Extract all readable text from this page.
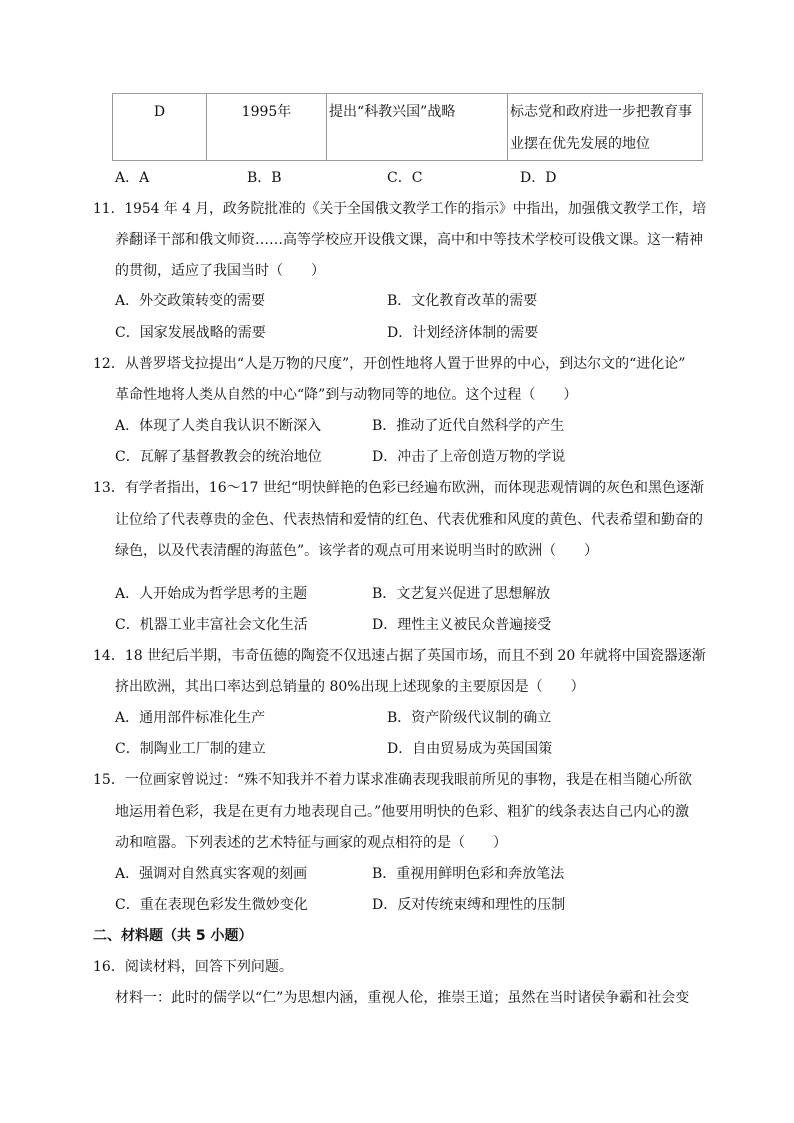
D	1995年	提出“科教兴国”战略	标志党和政府进一步把教育事业摆在优先发展的地位
A．A	B．B	C．C	D．D
11．1954 年 4 月，政务院批准的《关于全国俄文教学工作的指示》中指出，加强俄文教学工作，培
养翻译干部和俄文师资……高等学校应开设俄文课，高中和中等技术学校可设俄文课。这一精神
的贯彻，适应了我国当时（　　）
A．外交政策转变的需要	B．文化教育改革的需要
C．国家发展战略的需要	D．计划经济体制的需要
12．从普罗塔戈拉提出“人是万物的尺度”，开创性地将人置于世界的中心，到达尔文的“进化论”
革命性地将人类从自然的中心“降”到与动物同等的地位。这个过程（　　）
A．体现了人类自我认识不断深入	B．推动了近代自然科学的产生
C．瓦解了基督教教会的统治地位	D．冲击了上帝创造万物的学说
13．有学者指出，16～17 世纪“明快鲜艳的色彩已经遍布欧洲，而体现悲观情调的灰色和黑色逐渐
让位给了代表尊贵的金色、代表热情和爱情的红色、代表优雅和风度的黄色、代表希望和勤奋的
绿色，以及代表清醒的海蓝色”。该学者的观点可用来说明当时的欧洲（　　）
A．人开始成为哲学思考的主题	B．文艺复兴促进了思想解放
C．机器工业丰富社会文化生活	D．理性主义被民众普遍接受
14．18 世纪后半期，韦奇伍德的陶瓷不仅迅速占据了英国市场，而且不到 20 年就将中国瓷器逐渐
挤出欧洲，其出口率达到总销量的 80%出现上述现象的主要原因是（　　）
A．通用部件标准化生产	B．资产阶级代议制的确立
C．制陶业工厂制的建立	D．自由贸易成为英国国策
15．一位画家曾说过：“殊不知我并不着力谋求准确表现我眼前所见的事物，我是在相当随心所欲
地运用着色彩，我是在更有力地表现自己。”他要用明快的色彩、粗犷的线条表达自己内心的激
动和喧嚣。下列表述的艺术特征与画家的观点相符的是（　　）
A．强调对自然真实客观的刻画	B．重视用鲜明色彩和奔放笔法
C．重在表现色彩发生微妙变化	D．反对传统束缚和理性的压制
二、材料题（共 5 小题）
16．阅读材料，回答下列问题。
材料一：此时的儒学以“仁”为思想内涵，重视人伦，推崇王道；虽然在当时诸侯争霸和社会变
